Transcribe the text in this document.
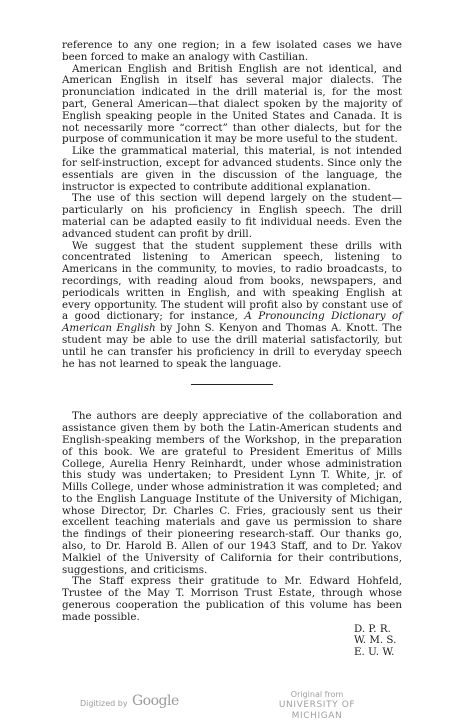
reference to any one region; in a few isolated cases we have been forced to make an analogy with Castilian.

American English and British English are not identical, and American English in itself has several major dialects. The pronunciation indicated in the drill material is, for the most part, General American—that dialect spoken by the majority of English speaking people in the United States and Canada. It is not necessarily more “correct” than other dialects, but for the purpose of communication it may be more useful to the student.

Like the grammatical material, this material, is not intended for self-instruction, except for advanced students. Since only the essentials are given in the discussion of the language, the instructor is expected to contribute additional explanation.

The use of this section will depend largely on the student—particularly on his proficiency in English speech. The drill material can be adapted easily to fit individual needs. Even the advanced student can profit by drill.

We suggest that the student supplement these drills with concentrated listening to American speech, listening to Americans in the community, to movies, to radio broadcasts, to recordings, with reading aloud from books, newspapers, and periodicals written in English, and with speaking English at every opportunity. The student will profit also by constant use of a good dictionary; for instance, A Pronouncing Dictionary of American English by John S. Kenyon and Thomas A. Knott. The student may be able to use the drill material satisfactorily, but until he can transfer his proficiency in drill to everyday speech he has not learned to speak the language.

The authors are deeply appreciative of the collaboration and assistance given them by both the Latin-American students and English-speaking members of the Workshop, in the preparation of this book. We are grateful to President Emeritus of Mills College, Aurelia Henry Reinhardt, under whose administration this study was undertaken; to President Lynn T. White, jr. of Mills College, under whose administration it was completed; and to the English Language Institute of the University of Michigan, whose Director, Dr. Charles C. Fries, graciously sent us their excellent teaching materials and gave us permission to share the findings of their pioneering research-staff. Our thanks go, also, to Dr. Harold B. Allen of our 1943 Staff, and to Dr. Yakov Malkiel of the University of California for their contributions, suggestions, and criticisms.

The Staff express their gratitude to Mr. Edward Hohfeld, Trustee of the May T. Morrison Trust Estate, through whose generous cooperation the publication of this volume has been made possible.

D. P. R.
W. M. S.
E. U. W.
Digitized by Google	Original from
UNIVERSITY OF MICHIGAN
